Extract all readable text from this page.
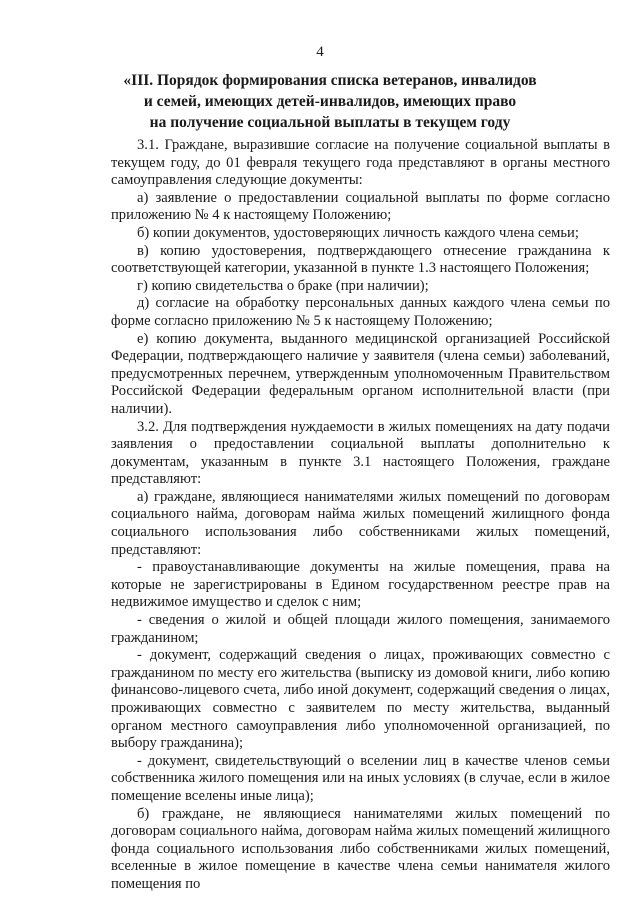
4
«III. Порядок формирования списка ветеранов, инвалидов
и семей, имеющих детей-инвалидов, имеющих право
на получение социальной выплаты в текущем году

3.1. Граждане, выразившие согласие на получение социальной выплаты в текущем году, до 01 февраля текущего года представляют в органы местного самоуправления следующие документы:

а) заявление о предоставлении социальной выплаты по форме согласно приложению № 4 к настоящему Положению;

б) копии документов, удостоверяющих личность каждого члена семьи;

в) копию удостоверения, подтверждающего отнесение гражданина к соответствующей категории, указанной в пункте 1.3 настоящего Положения;

г) копию свидетельства о браке (при наличии);

д) согласие на обработку персональных данных каждого члена семьи по форме согласно приложению № 5 к настоящему Положению;

е) копию документа, выданного медицинской организацией Российской Федерации, подтверждающего наличие у заявителя (члена семьи) заболеваний, предусмотренных перечнем, утвержденным уполномоченным Правительством Российской Федерации федеральным органом исполнительной власти (при наличии).

3.2. Для подтверждения нуждаемости в жилых помещениях на дату подачи заявления о предоставлении социальной выплаты дополнительно к документам, указанным в пункте 3.1 настоящего Положения, граждане представляют:

а) граждане, являющиеся нанимателями жилых помещений по договорам социального найма, договорам найма жилых помещений жилищного фонда социального использования либо собственниками жилых помещений, представляют:

- правоустанавливающие документы на жилые помещения, права на которые не зарегистрированы в Едином государственном реестре прав на недвижимое имущество и сделок с ним;

- сведения о жилой и общей площади жилого помещения, занимаемого гражданином;

- документ, содержащий сведения о лицах, проживающих совместно с гражданином по месту его жительства (выписку из домовой книги, либо копию финансово-лицевого счета, либо иной документ, содержащий сведения о лицах, проживающих совместно с заявителем по месту жительства, выданный органом местного самоуправления либо уполномоченной организацией, по выбору гражданина);

- документ, свидетельствующий о вселении лиц в качестве членов семьи собственника жилого помещения или на иных условиях (в случае, если в жилое помещение вселены иные лица);

б) граждане, не являющиеся нанимателями жилых помещений по договорам социального найма, договорам найма жилых помещений жилищного фонда социального использования либо собственниками жилых помещений, вселенные в жилое помещение в качестве члена семьи нанимателя жилого помещения по
